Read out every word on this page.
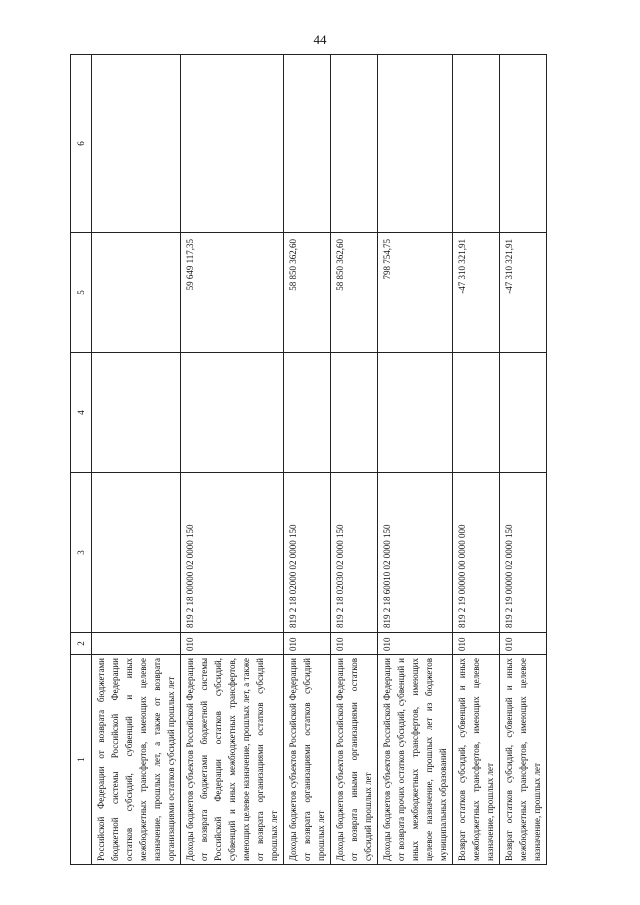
44
1	2	3	4	5	6
Российской Федерации от возврата бюджетами бюджетной системы Российской Федерации остатков субсидий, субвенций и иных межбюджетных трансфертов, имеющих целевое назначение, прошлых лет, а также от возврата организациями остатков субсидий прошлых лет					
Доходы бюджетов субъектов Российской Федерации от возврата бюджетами бюджетной системы Российской Федерации остатков субсидий, субвенций и иных межбюджетных трансфертов, имеющих целевое назначение, прошлых лет, а также от возврата организациями остатков субсидий прошлых лет	010	819 2 18 00000 02 0000 150		59 649 117,35	
Доходы бюджетов субъектов Российской Федерации от возврата организациями остатков субсидий прошлых лет	010	819 2 18 02000 02 0000 150		58 850 362,60	
Доходы бюджетов субъектов Российской Федерации от возврата иными организациями остатков субсидий прошлых лет	010	819 2 18 02030 02 0000 150		58 850 362,60	
Доходы бюджетов субъектов Российской Федерации от возврата прочих остатков субсидий, субвенций и иных межбюджетных трансфертов, имеющих целевое назначение, прошлых лет из бюджетов муниципальных образований	010	819 2 18 60010 02 0000 150		798 754,75	
Возврат остатков субсидий, субвенций и иных межбюджетных трансфертов, имеющих целевое назначение, прошлых лет	010	819 2 19 00000 00 0000 000		-47 310 321,91	
Возврат остатков субсидий, субвенций и иных межбюджетных трансфертов, имеющих целевое назначение, прошлых лет	010	819 2 19 00000 02 0000 150		-47 310 321,91	
